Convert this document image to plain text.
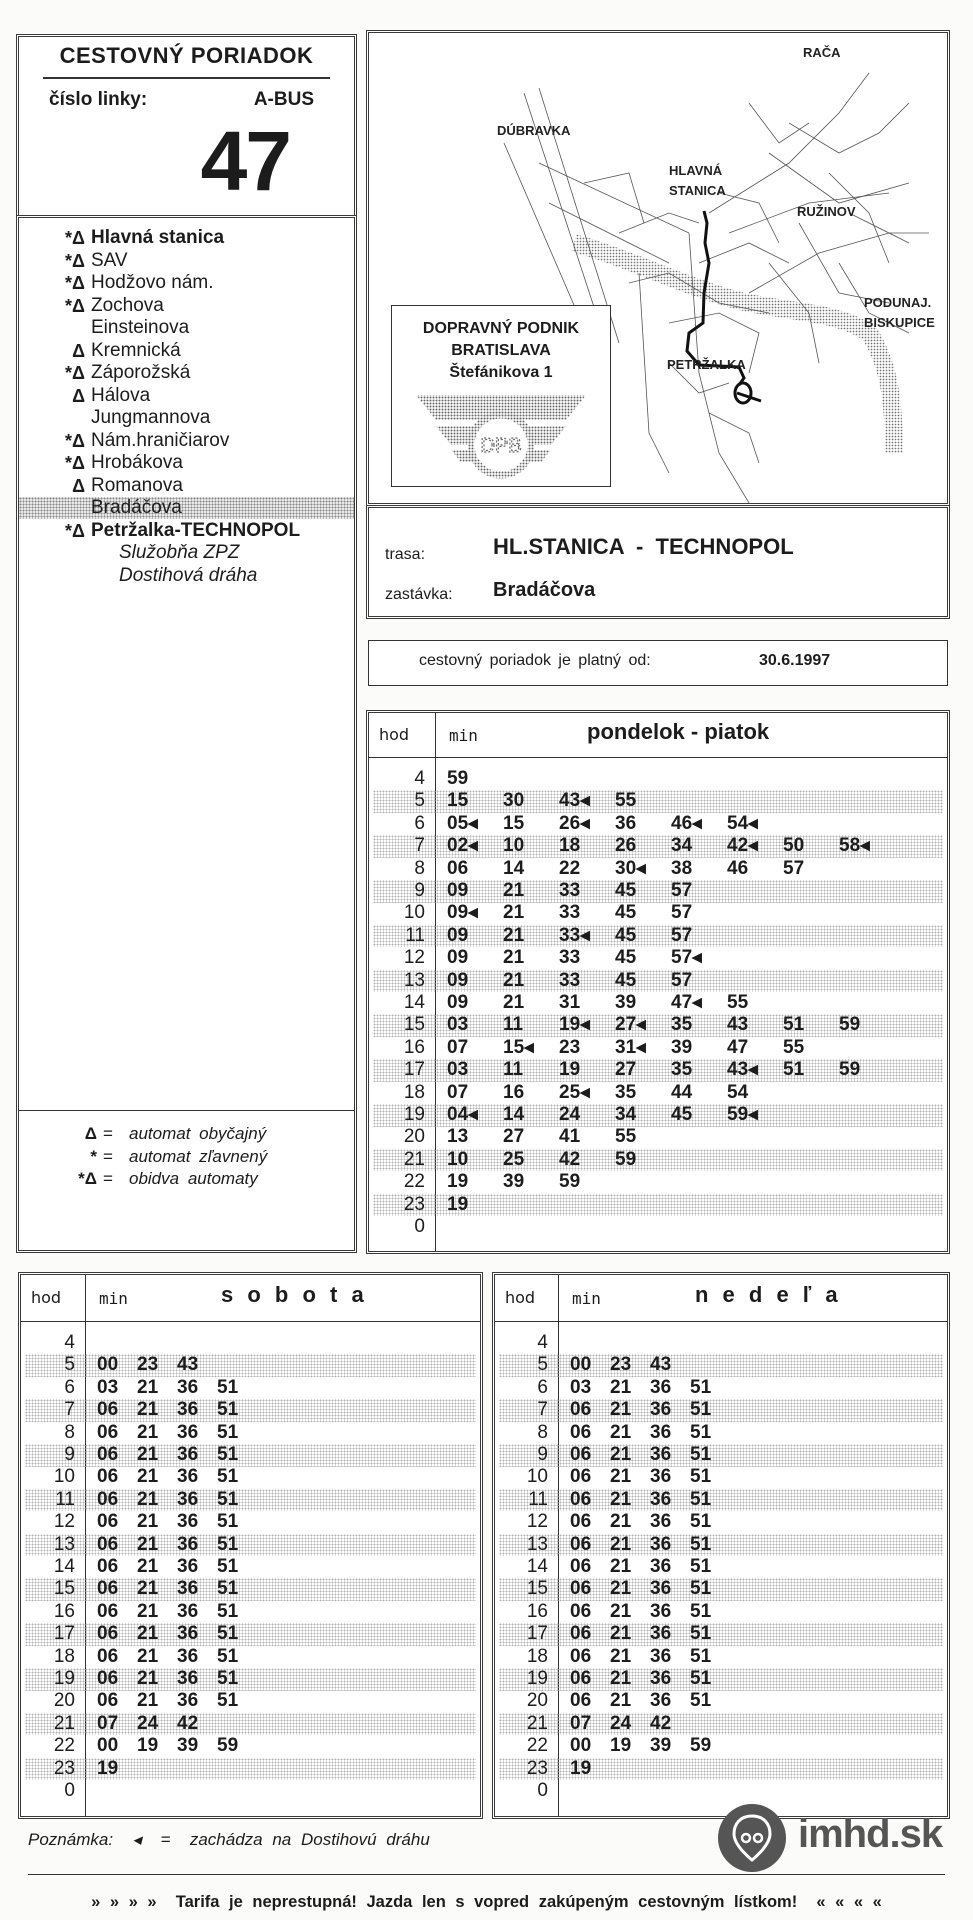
CESTOVNÝ PORIADOK
číslo linky:	A-BUS
47
*Δ Hlavná stanica
*Δ SAV
*Δ Hodžovo nám.
*Δ Zochova
Einsteinova
Δ Kremnická
*Δ Záporožská
Δ Hálova
Jungmannova
*Δ Nám.hraničiarov
*Δ Hrobákova
Δ Romanova
Bradáčova
*Δ Petržalka-TECHNOPOL
Služobňa ZPZ
Dostihová dráha
Δ = automat obyčajný
* = automat zľavnený
*Δ = obidva automaty
RAČA
DÚBRAVKA
HLAVNÁ
STANICA
RUŽINOV
PODUNAJ.
BISKUPICE
PETRŽALKA
DOPRAVNÝ PODNIK
BRATISLAVA
Štefánikova 1
DPB
trasa:	HL.STANICA  -  TECHNOPOL
zastávka: Bradáčova
cestovný poriadok je platný od:	30.6.1997
hod min	pondelok - piatok
4 59
5 15 30 43◂ 55
6 05◂ 15 26◂ 36 46◂ 54◂
7 02◂ 10 18 26 34 42◂ 50 58◂
8 06 14 22 30◂ 38 46 57
9 09 21 33 45 57
10 09◂ 21 33 45 57
11 09 21 33◂ 45 57
12 09 21 33 45 57◂
13 09 21 33 45 57
14 09 21 31 39 47◂ 55
15 03 11 19◂ 27◂ 35 43 51 59
16 07 15◂ 23 31◂ 39 47 55
17 03 11 19 27 35 43◂ 51 59
18 07 16 25◂ 35 44 54
19 04◂ 14 24 34 45 59◂
20 13 27 41 55
21 10 25 42 59
22 19 39 59
23 19
0
hod min	s o b o t a
4
5 00 23 43
6 03 21 36 51
7 06 21 36 51
8 06 21 36 51
9 06 21 36 51
10 06 21 36 51
11 06 21 36 51
12 06 21 36 51
13 06 21 36 51
14 06 21 36 51
15 06 21 36 51
16 06 21 36 51
17 06 21 36 51
18 06 21 36 51
19 06 21 36 51
20 06 21 36 51
21 07 24 42
22 00 19 39 59
23 19
0
hod min	n e d e ľ a
4
5 00 23 43
6 03 21 36 51
7 06 21 36 51
8 06 21 36 51
9 06 21 36 51
10 06 21 36 51
11 06 21 36 51
12 06 21 36 51
13 06 21 36 51
14 06 21 36 51
15 06 21 36 51
16 06 21 36 51
17 06 21 36 51
18 06 21 36 51
19 06 21 36 51
20 06 21 36 51
21 07 24 42
22 00 19 39 59
23 19
0
Poznámka:  ◂  =  zachádza na Dostihovú dráhu	imhd.sk
» » » »  Tarifa je neprestupná! Jazda len s vopred zakúpeným cestovným lístkom!  « « « «
